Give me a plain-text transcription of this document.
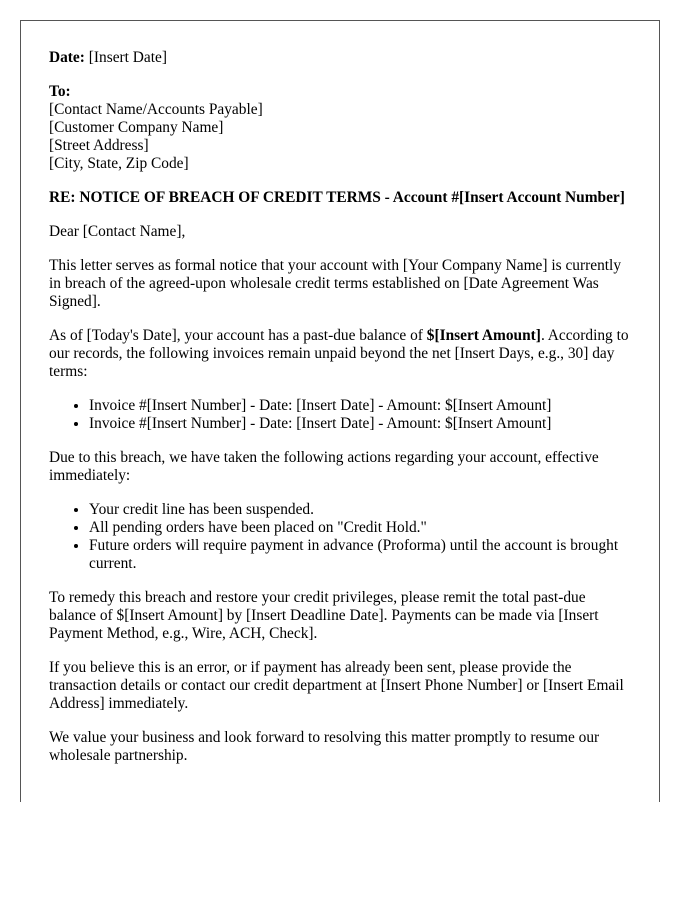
Date: [Insert Date]

To:
[Contact Name/Accounts Payable]
[Customer Company Name]
[Street Address]
[City, State, Zip Code]

RE: NOTICE OF BREACH OF CREDIT TERMS - Account #[Insert Account Number]

Dear [Contact Name],

This letter serves as formal notice that your account with [Your Company Name] is currently in breach of the agreed-upon wholesale credit terms established on [Date Agreement Was Signed].

As of [Today's Date], your account has a past-due balance of $[Insert Amount]. According to our records, the following invoices remain unpaid beyond the net [Insert Days, e.g., 30] day terms:

• Invoice #[Insert Number] - Date: [Insert Date] - Amount: $[Insert Amount]
• Invoice #[Insert Number] - Date: [Insert Date] - Amount: $[Insert Amount]

Due to this breach, we have taken the following actions regarding your account, effective immediately:

• Your credit line has been suspended.
• All pending orders have been placed on "Credit Hold."
• Future orders will require payment in advance (Proforma) until the account is brought current.

To remedy this breach and restore your credit privileges, please remit the total past-due balance of $[Insert Amount] by [Insert Deadline Date]. Payments can be made via [Insert Payment Method, e.g., Wire, ACH, Check].

If you believe this is an error, or if payment has already been sent, please provide the transaction details or contact our credit department at [Insert Phone Number] or [Insert Email Address] immediately.

We value your business and look forward to resolving this matter promptly to resume our wholesale partnership.
